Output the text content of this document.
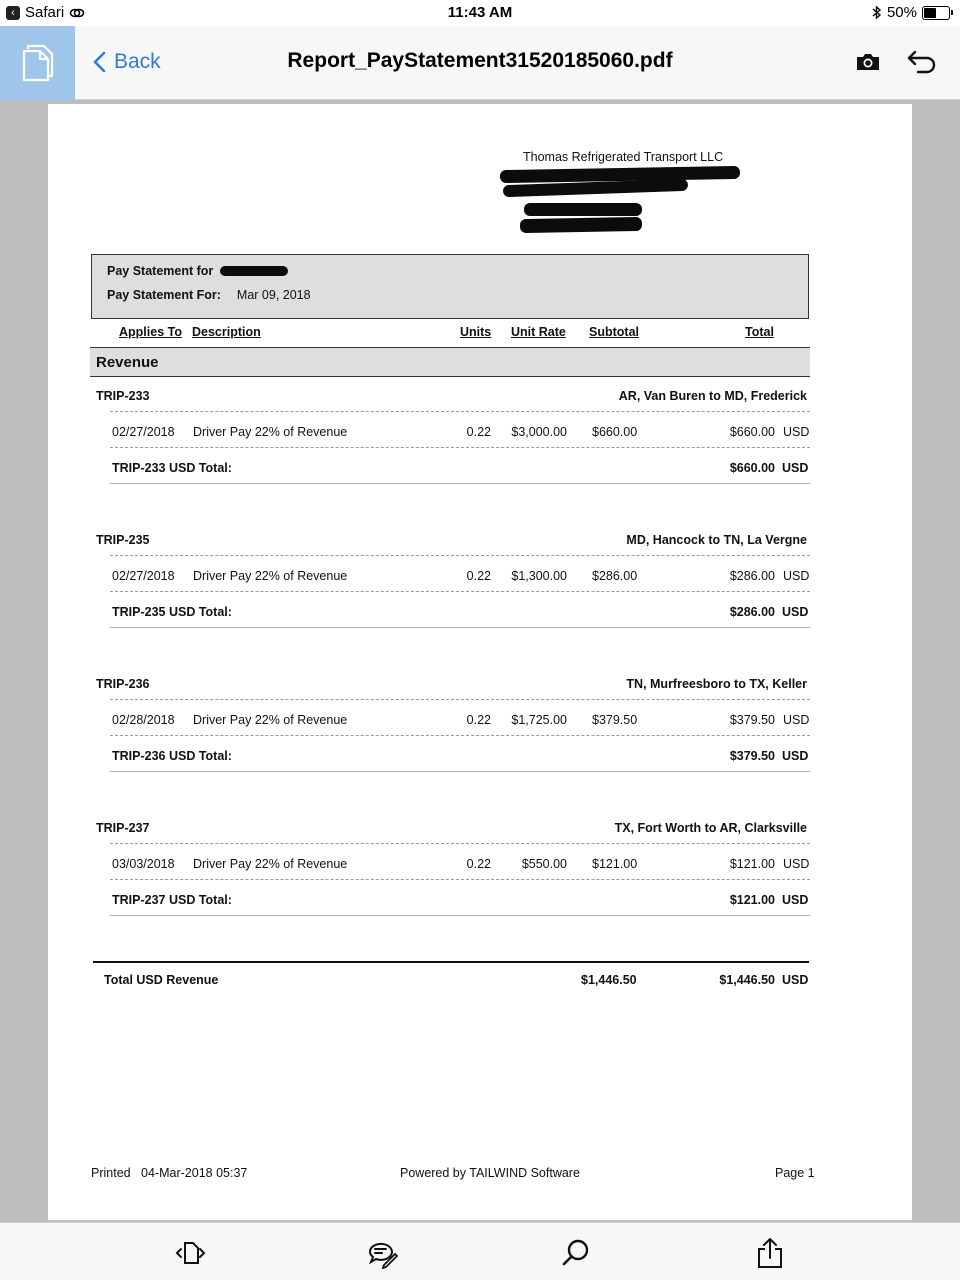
‹ Safari	11:43 AM	50%
Back	Report_PayStatement31520185060.pdf
Thomas Refrigerated Transport LLC
Pay Statement for
Pay Statement For: Mar 09, 2018
Applies To Description	Units Unit Rate Subtotal	Total
Revenue
TRIP-233	AR, Van Buren to MD, Frederick
02/27/2018 Driver Pay 22% of Revenue	0.22	$3,000.00 $660.00	$660.00 USD
TRIP-233 USD Total:	$660.00 USD
TRIP-235	MD, Hancock to TN, La Vergne
02/27/2018 Driver Pay 22% of Revenue	0.22	$1,300.00 $286.00	$286.00 USD
TRIP-235 USD Total:	$286.00 USD
TRIP-236	TN, Murfreesboro to TX, Keller
02/28/2018 Driver Pay 22% of Revenue	0.22	$1,725.00 $379.50	$379.50 USD
TRIP-236 USD Total:	$379.50 USD
TRIP-237	TX, Fort Worth to AR, Clarksville
03/03/2018 Driver Pay 22% of Revenue	0.22	$550.00 $121.00	$121.00 USD
TRIP-237 USD Total:	$121.00 USD
Total USD Revenue	$1,446.50	$1,446.50 USD
Printed 04-Mar-2018 05:37	Powered by TAILWIND Software	Page 1
